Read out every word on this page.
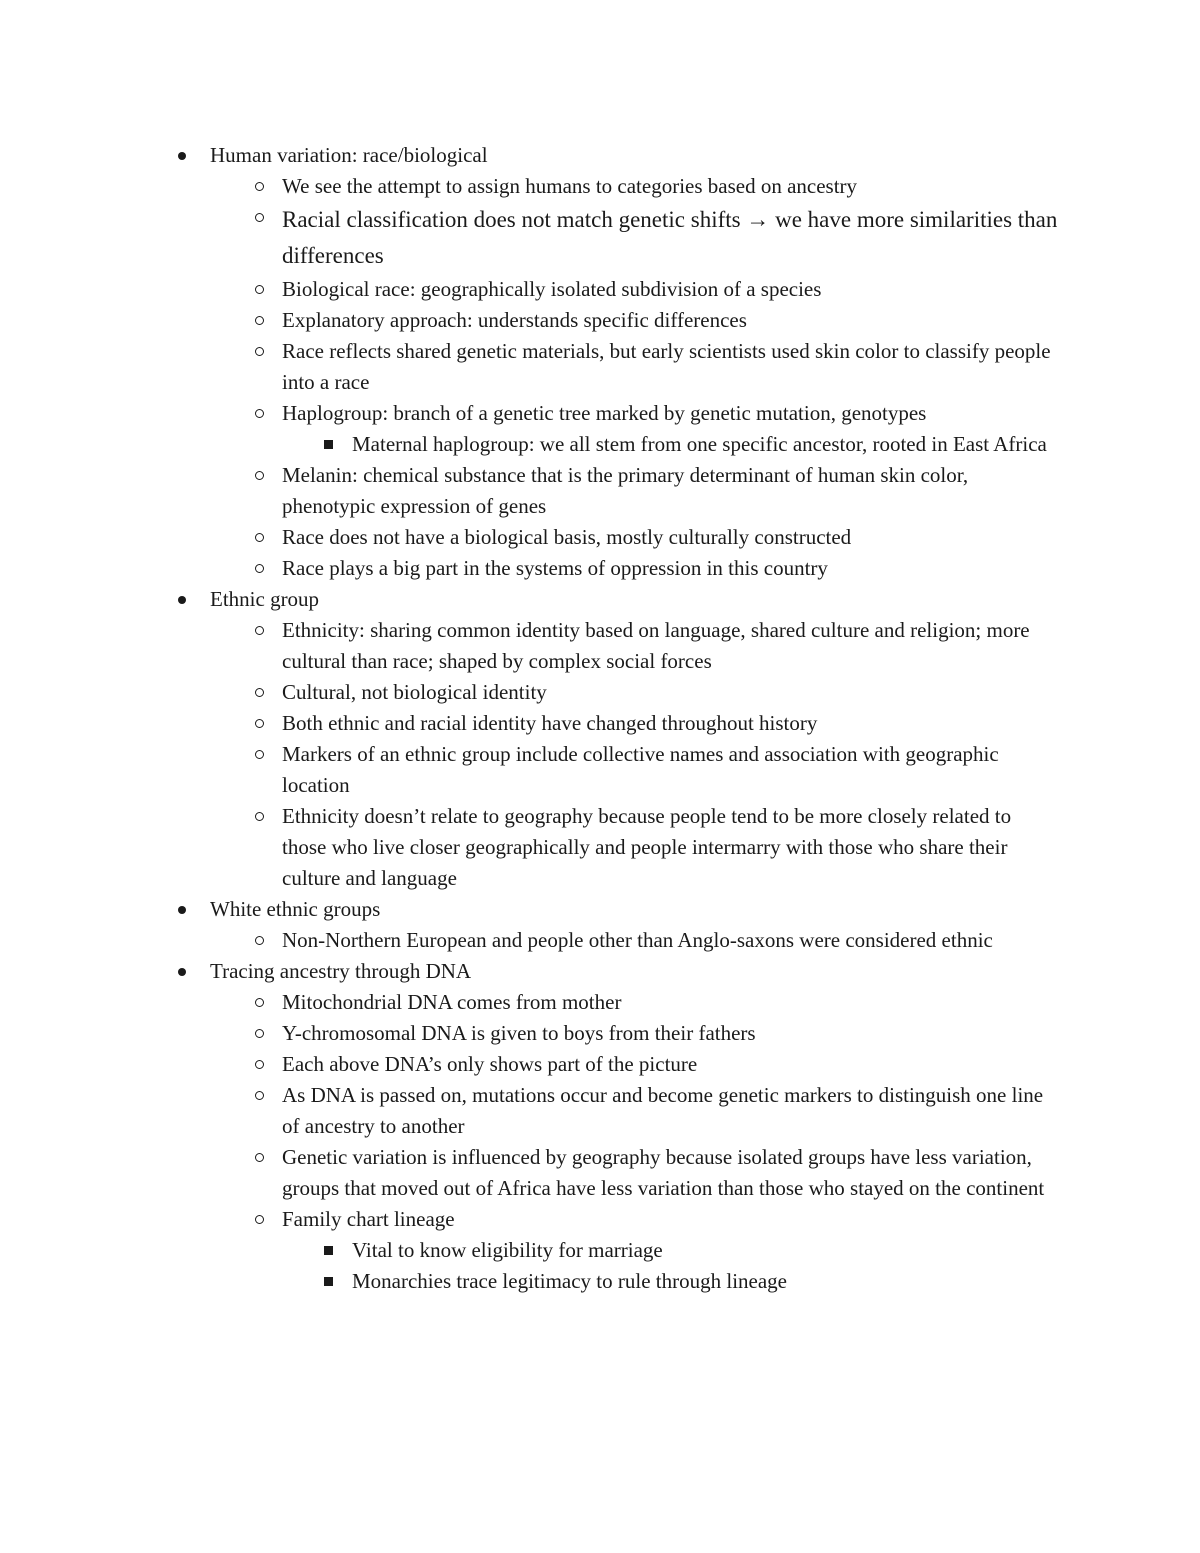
Human variation: race/biological
We see the attempt to assign humans to categories based on ancestry
Racial classification does not match genetic shifts → we have more similarities than differences
Biological race: geographically isolated subdivision of a species
Explanatory approach: understands specific differences
Race reflects shared genetic materials, but early scientists used skin color to classify people into a race
Haplogroup: branch of a genetic tree marked by genetic mutation, genotypes
Maternal haplogroup: we all stem from one specific ancestor, rooted in East Africa
Melanin: chemical substance that is the primary determinant of human skin color, phenotypic expression of genes
Race does not have a biological basis, mostly culturally constructed
Race plays a big part in the systems of oppression in this country
Ethnic group
Ethnicity: sharing common identity based on language, shared culture and religion; more cultural than race; shaped by complex social forces
Cultural, not biological identity
Both ethnic and racial identity have changed throughout history
Markers of an ethnic group include collective names and association with geographic location
Ethnicity doesn’t relate to geography because people tend to be more closely related to those who live closer geographically and people intermarry with those who share their culture and language
White ethnic groups
Non-Northern European and people other than Anglo-saxons were considered ethnic
Tracing ancestry through DNA
Mitochondrial DNA comes from mother
Y-chromosomal DNA is given to boys from their fathers
Each above DNA’s only shows part of the picture
As DNA is passed on, mutations occur and become genetic markers to distinguish one line of ancestry to another
Genetic variation is influenced by geography because isolated groups have less variation, groups that moved out of Africa have less variation than those who stayed on the continent
Family chart lineage
Vital to know eligibility for marriage
Monarchies trace legitimacy to rule through lineage
